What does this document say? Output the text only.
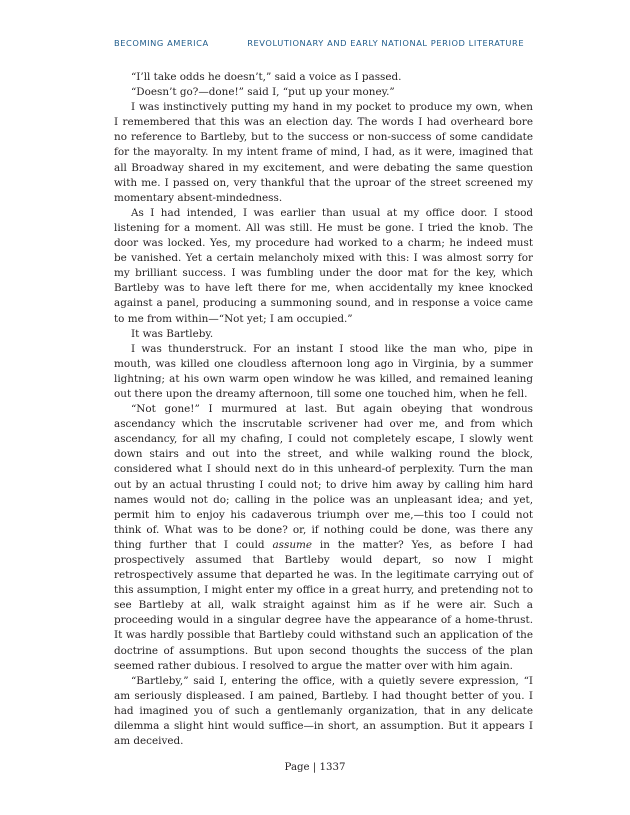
BECOMING AMERICA	REVOLUTIONARY AND EARLY NATIONAL PERIOD LITERATURE

“I’ll take odds he doesn’t,” said a voice as I passed.

“Doesn’t go?—done!” said I, “put up your money.”

I was instinctively putting my hand in my pocket to produce my own, when I remembered that this was an election day. The words I had overheard bore no reference to Bartleby, but to the success or non-success of some candidate for the mayoralty. In my intent frame of mind, I had, as it were, imagined that all Broadway shared in my excitement, and were debating the same question with me. I passed on, very thankful that the uproar of the street screened my momentary absent-mindedness.

As I had intended, I was earlier than usual at my office door. I stood listening for a moment. All was still. He must be gone. I tried the knob. The door was locked. Yes, my procedure had worked to a charm; he indeed must be vanished. Yet a certain melancholy mixed with this: I was almost sorry for my brilliant success. I was fumbling under the door mat for the key, which Bartleby was to have left there for me, when accidentally my knee knocked against a panel, producing a summoning sound, and in response a voice came to me from within—“Not yet; I am occupied.”

It was Bartleby.

I was thunderstruck. For an instant I stood like the man who, pipe in mouth, was killed one cloudless afternoon long ago in Virginia, by a summer lightning; at his own warm open window he was killed, and remained leaning out there upon the dreamy afternoon, till some one touched him, when he fell.

“Not gone!” I murmured at last. But again obeying that wondrous ascendancy which the inscrutable scrivener had over me, and from which ascendancy, for all my chafing, I could not completely escape, I slowly went down stairs and out into the street, and while walking round the block, considered what I should next do in this unheard-of perplexity. Turn the man out by an actual thrusting I could not; to drive him away by calling him hard names would not do; calling in the police was an unpleasant idea; and yet, permit him to enjoy his cadaverous triumph over me,—this too I could not think of. What was to be done? or, if nothing could be done, was there any thing further that I could assume in the matter? Yes, as before I had prospectively assumed that Bartleby would depart, so now I might retrospectively assume that departed he was. In the legitimate carrying out of this assumption, I might enter my office in a great hurry, and pretending not to see Bartleby at all, walk straight against him as if he were air. Such a proceeding would in a singular degree have the appearance of a home-thrust. It was hardly possible that Bartleby could withstand such an application of the doctrine of assumptions. But upon second thoughts the success of the plan seemed rather dubious. I resolved to argue the matter over with him again.

“Bartleby,” said I, entering the office, with a quietly severe expression, “I am seriously displeased. I am pained, Bartleby. I had thought better of you. I had imagined you of such a gentlemanly organization, that in any delicate dilemma a slight hint would suffice—in short, an assumption. But it appears I am deceived.

Page | 1337
